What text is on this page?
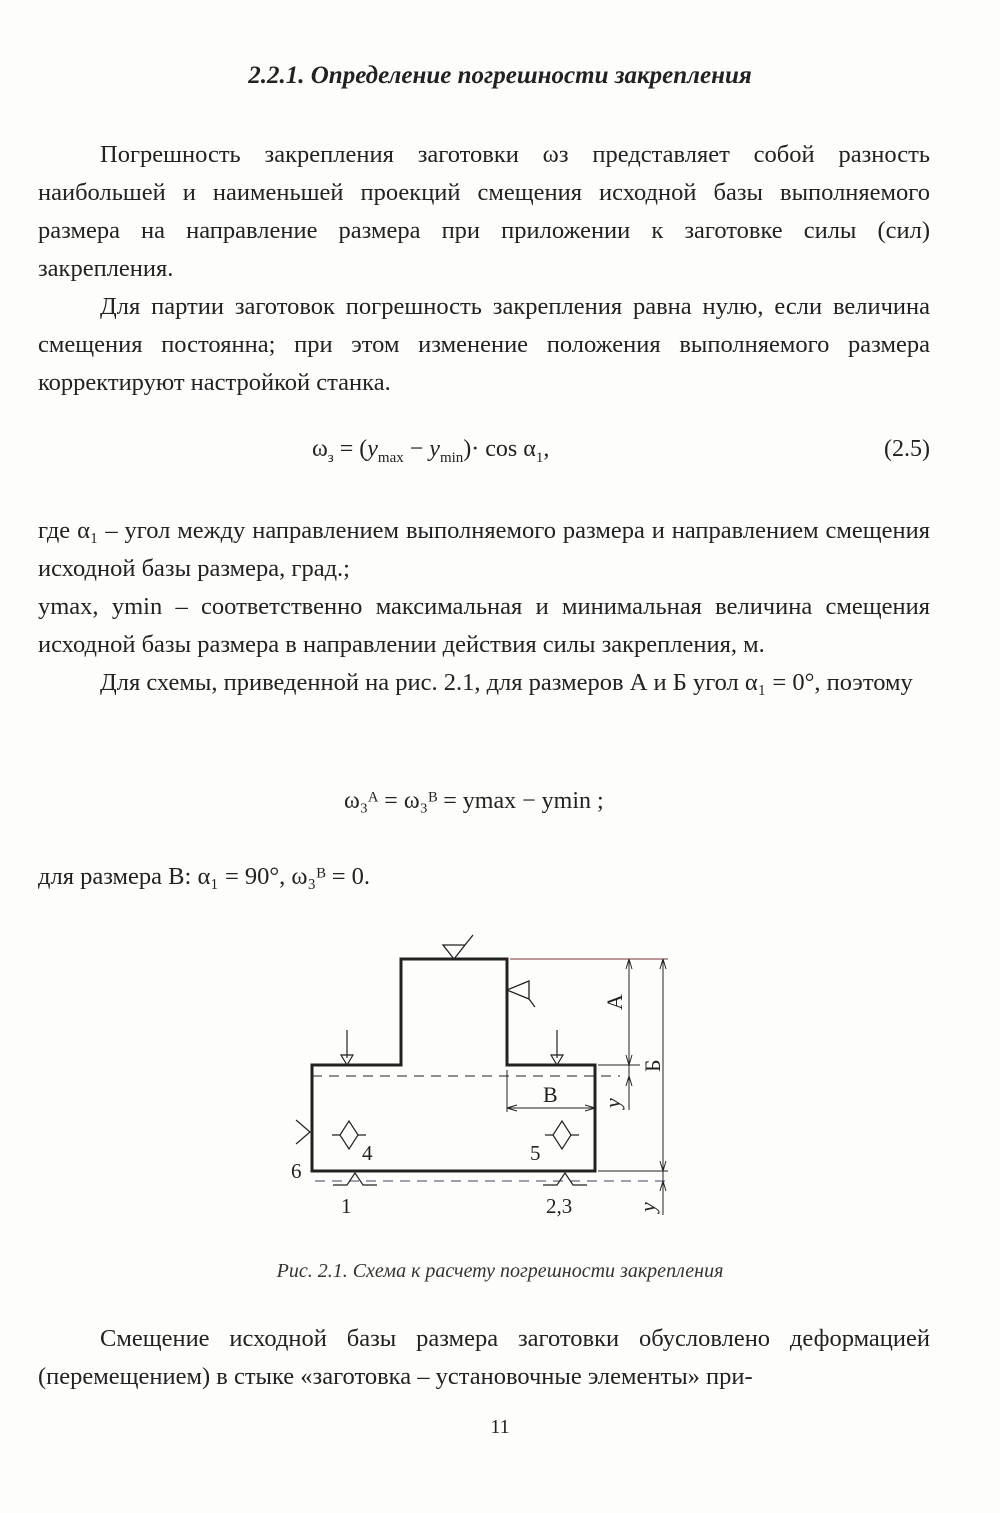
2.2.1. Определение погрешности закрепления

Погрешность закрепления заготовки ωз представляет собой разность наибольшей и наименьшей проекций смещения исходной базы выполняемого размера на направление размера при приложении к заготовке силы (сил) закрепления.

Для партии заготовок погрешность закрепления равна нулю, если величина смещения постоянна; при этом изменение положения выполняемого размера корректируют настройкой станка.

$\omega_з = (y_{max} - y_{min})\cdot \cos \alpha_1$,	(2.5)

где α₁ – угол между направлением выполняемого размера и направлением смещения исходной базы размера, град.;

ymax, ymin – соответственно максимальная и минимальная величина смещения исходной базы размера в направлении действия силы закрепления, м.

Для схемы, приведенной на рис. 2.1, для размеров А и Б угол α₁ = 0°, поэтому

ω₃ᴬ = ω₃ᴮ = ymax − ymin ;

для размера В: α₁ = 90°, ω₃ᴮ = 0.

А
Б
В y
y
1	2,3
4	5
6
Рис. 2.1. Схема к расчету погрешности закрепления

Смещение исходной базы размера заготовки обусловлено деформацией (перемещением) в стыке «заготовка – установочные элементы» при-

11
